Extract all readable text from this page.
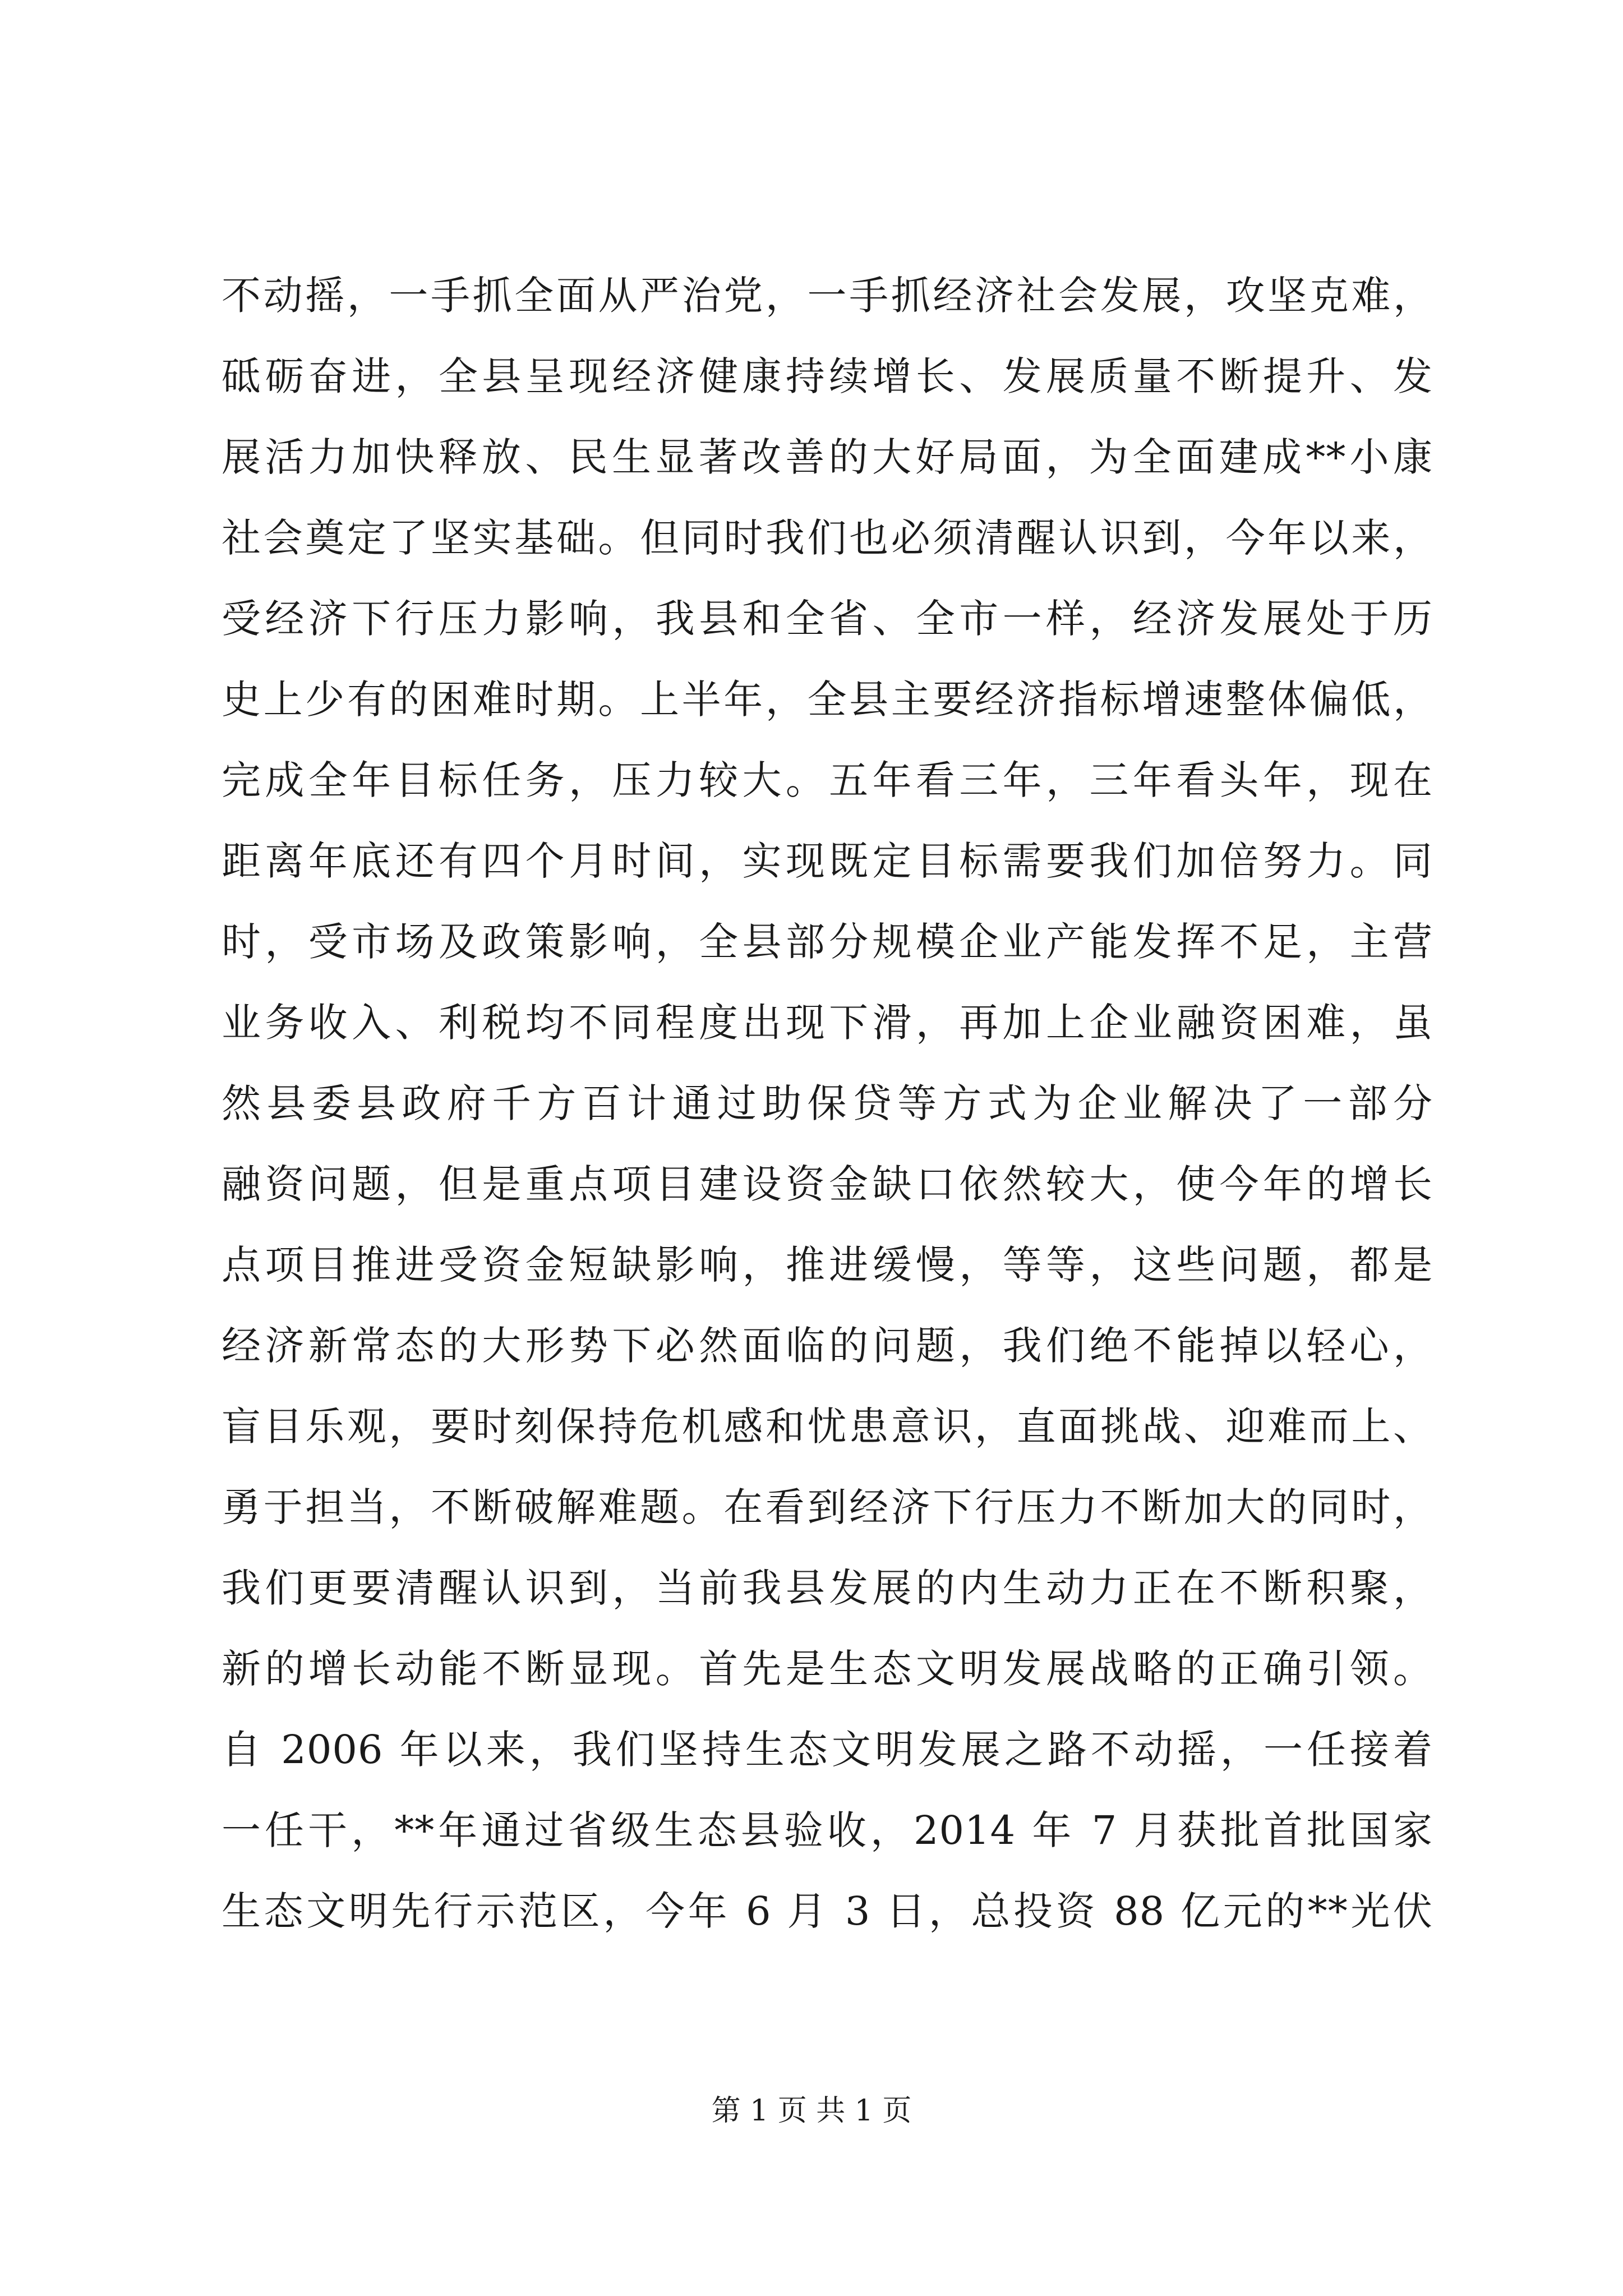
不动摇，一手抓全面从严治党，一手抓经济社会发展，攻坚克难，
砥砺奋进，全县呈现经济健康持续增长、发展质量不断提升、发
展活力加快释放、民生显著改善的大好局面，为全面建成**小康
社会奠定了坚实基础。但同时我们也必须清醒认识到，今年以来，
受经济下行压力影响，我县和全省、全市一样，经济发展处于历
史上少有的困难时期。上半年，全县主要经济指标增速整体偏低，
完成全年目标任务，压力较大。五年看三年，三年看头年，现在
距离年底还有四个月时间，实现既定目标需要我们加倍努力。同
时，受市场及政策影响，全县部分规模企业产能发挥不足，主营
业务收入、利税均不同程度出现下滑，再加上企业融资困难，虽
然县委县政府千方百计通过助保贷等方式为企业解决了一部分
融资问题，但是重点项目建设资金缺口依然较大，使今年的增长
点项目推进受资金短缺影响，推进缓慢，等等，这些问题，都是
经济新常态的大形势下必然面临的问题，我们绝不能掉以轻心，
盲目乐观，要时刻保持危机感和忧患意识，直面挑战、迎难而上、
勇于担当，不断破解难题。在看到经济下行压力不断加大的同时，
我们更要清醒认识到，当前我县发展的内生动力正在不断积聚，
新的增长动能不断显现。首先是生态文明发展战略的正确引领。
自 2006 年以来，我们坚持生态文明发展之路不动摇，一任接着
一任干，**年通过省级生态县验收，2014 年 7 月获批首批国家
生态文明先行示范区，今年 6 月 3 日，总投资 88 亿元的**光伏
第 1 页 共 1 页
